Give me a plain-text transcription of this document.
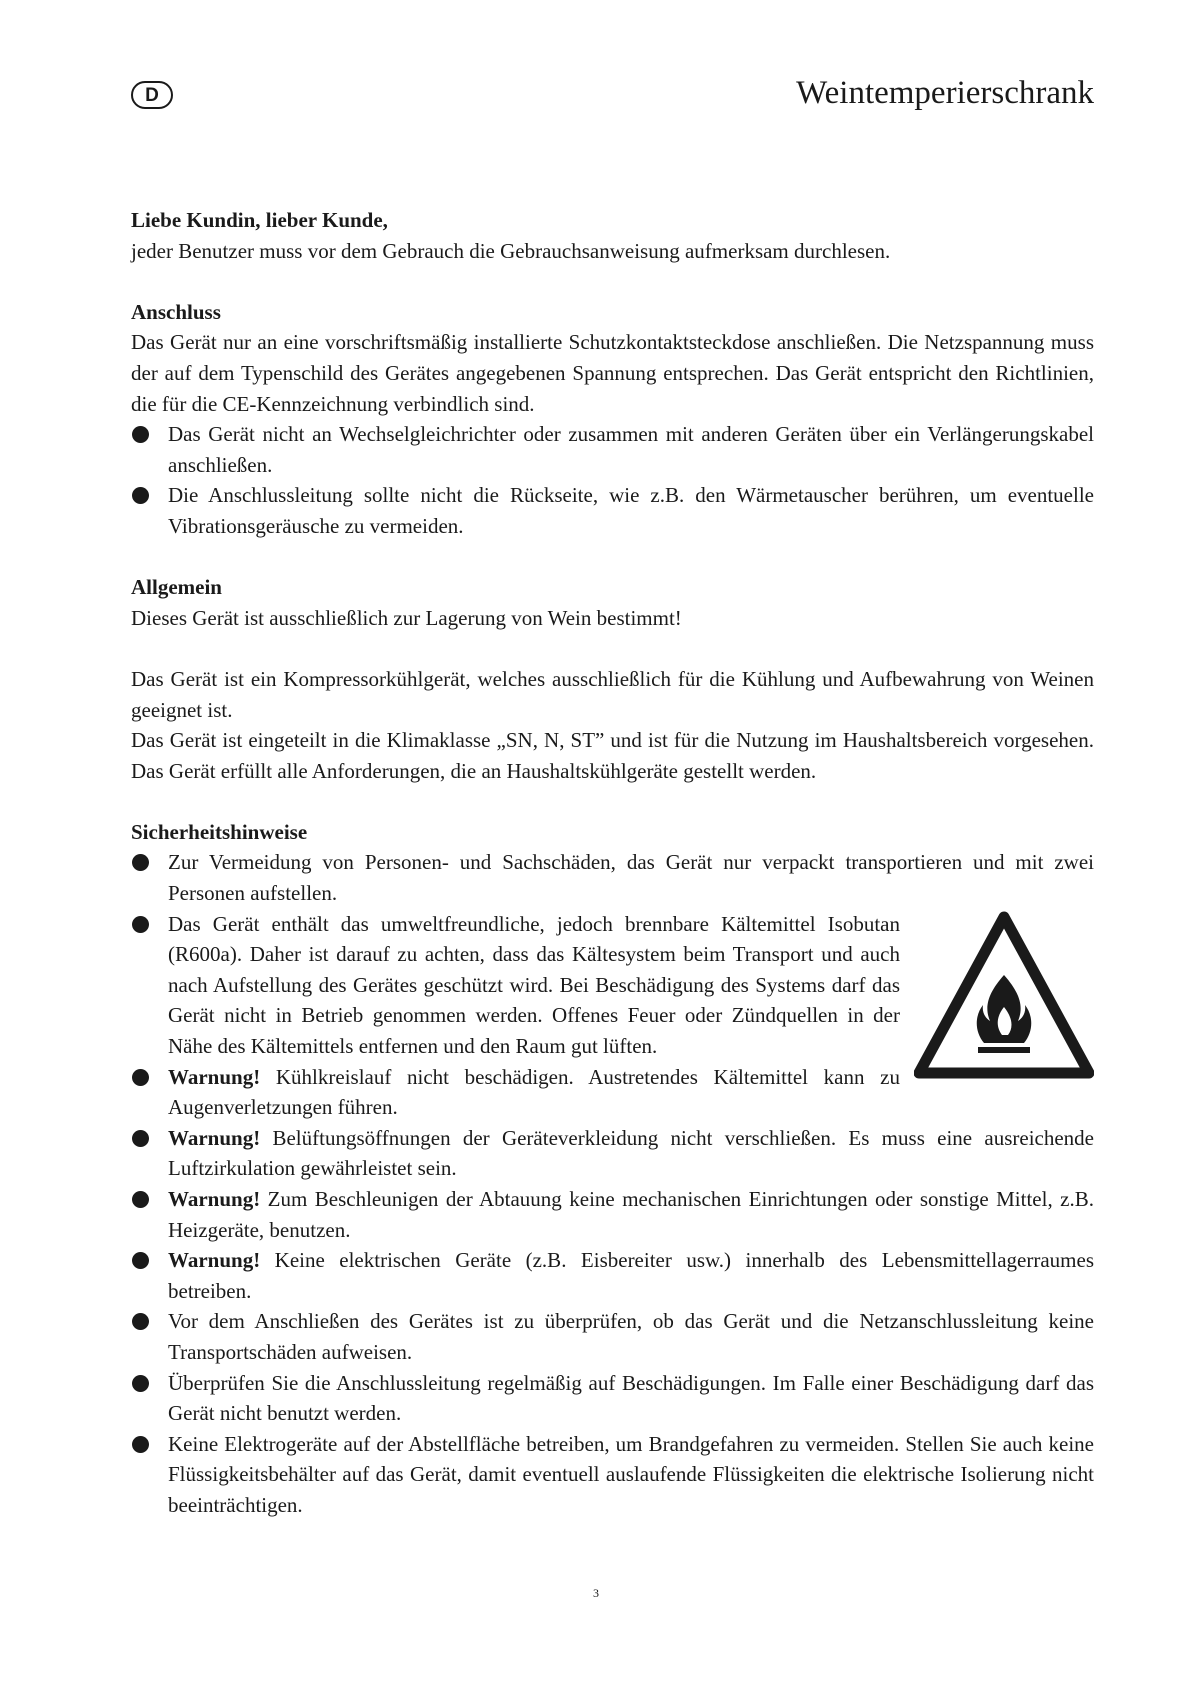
D	Weintemperierschrank

Liebe Kundin, lieber Kunde,

jeder Benutzer muss vor dem Gebrauch die Gebrauchsanweisung aufmerksam durchlesen.

Anschluss

Das Gerät nur an eine vorschriftsmäßig installierte Schutzkontaktsteckdose anschließen. Die Netzspannung muss der auf dem Typenschild des Gerätes angegebenen Spannung entsprechen. Das Gerät entspricht den Richtlinien, die für die CE-Kennzeichnung verbindlich sind.

Das Gerät nicht an Wechselgleichrichter oder zusammen mit anderen Geräten über ein Verlängerungskabel anschließen.
Die Anschlussleitung sollte nicht die Rückseite, wie z.B. den Wärmetauscher berühren, um eventuelle Vibrationsgeräusche zu vermeiden.

Allgemein

Dieses Gerät ist ausschließlich zur Lagerung von Wein bestimmt!

Das Gerät ist ein Kompressorkühlgerät, welches ausschließlich für die Kühlung und Aufbewahrung von Weinen geeignet ist.

Das Gerät ist eingeteilt in die Klimaklasse „SN, N, ST” und ist für die Nutzung im Haushaltsbereich vorgesehen. Das Gerät erfüllt alle Anforderungen, die an Haushaltskühlgeräte gestellt werden.

Sicherheitshinweise

Zur Vermeidung von Personen- und Sachschäden, das Gerät nur verpackt transportieren und mit zwei Personen aufstellen.
Das Gerät enthält das umweltfreundliche, jedoch brennbare Kältemittel Isobutan (R600a). Daher ist darauf zu achten, dass das Kältesystem beim Transport und auch nach Aufstellung des Gerätes geschützt wird. Bei Beschädigung des Systems darf das Gerät nicht in Betrieb genommen werden. Offenes Feuer oder Zündquellen in der Nähe des Kältemittels entfernen und den Raum gut lüften.
Warnung! Kühlkreislauf nicht beschädigen. Austretendes Kältemittel kann zu Augenverletzungen führen.
Warnung! Belüftungsöffnungen der Geräteverkleidung nicht verschließen. Es muss eine ausreichende Luftzirkulation gewährleistet sein.
Warnung! Zum Beschleunigen der Abtauung keine mechanischen Einrichtungen oder sonstige Mittel, z.B. Heizgeräte, benutzen.
Warnung! Keine elektrischen Geräte (z.B. Eisbereiter usw.) innerhalb des Lebensmittellagerraumes betreiben.
Vor dem Anschließen des Gerätes ist zu überprüfen, ob das Gerät und die Netzanschlussleitung keine Transportschäden aufweisen.
Überprüfen Sie die Anschlussleitung regelmäßig auf Beschädigungen. Im Falle einer Beschädigung darf das Gerät nicht benutzt werden.
Keine Elektrogeräte auf der Abstellfläche betreiben, um Brandgefahren zu vermeiden. Stellen Sie auch keine Flüssigkeitsbehälter auf das Gerät, damit eventuell auslaufende Flüssigkeiten die elektrische Isolierung nicht beeinträchtigen.
3
